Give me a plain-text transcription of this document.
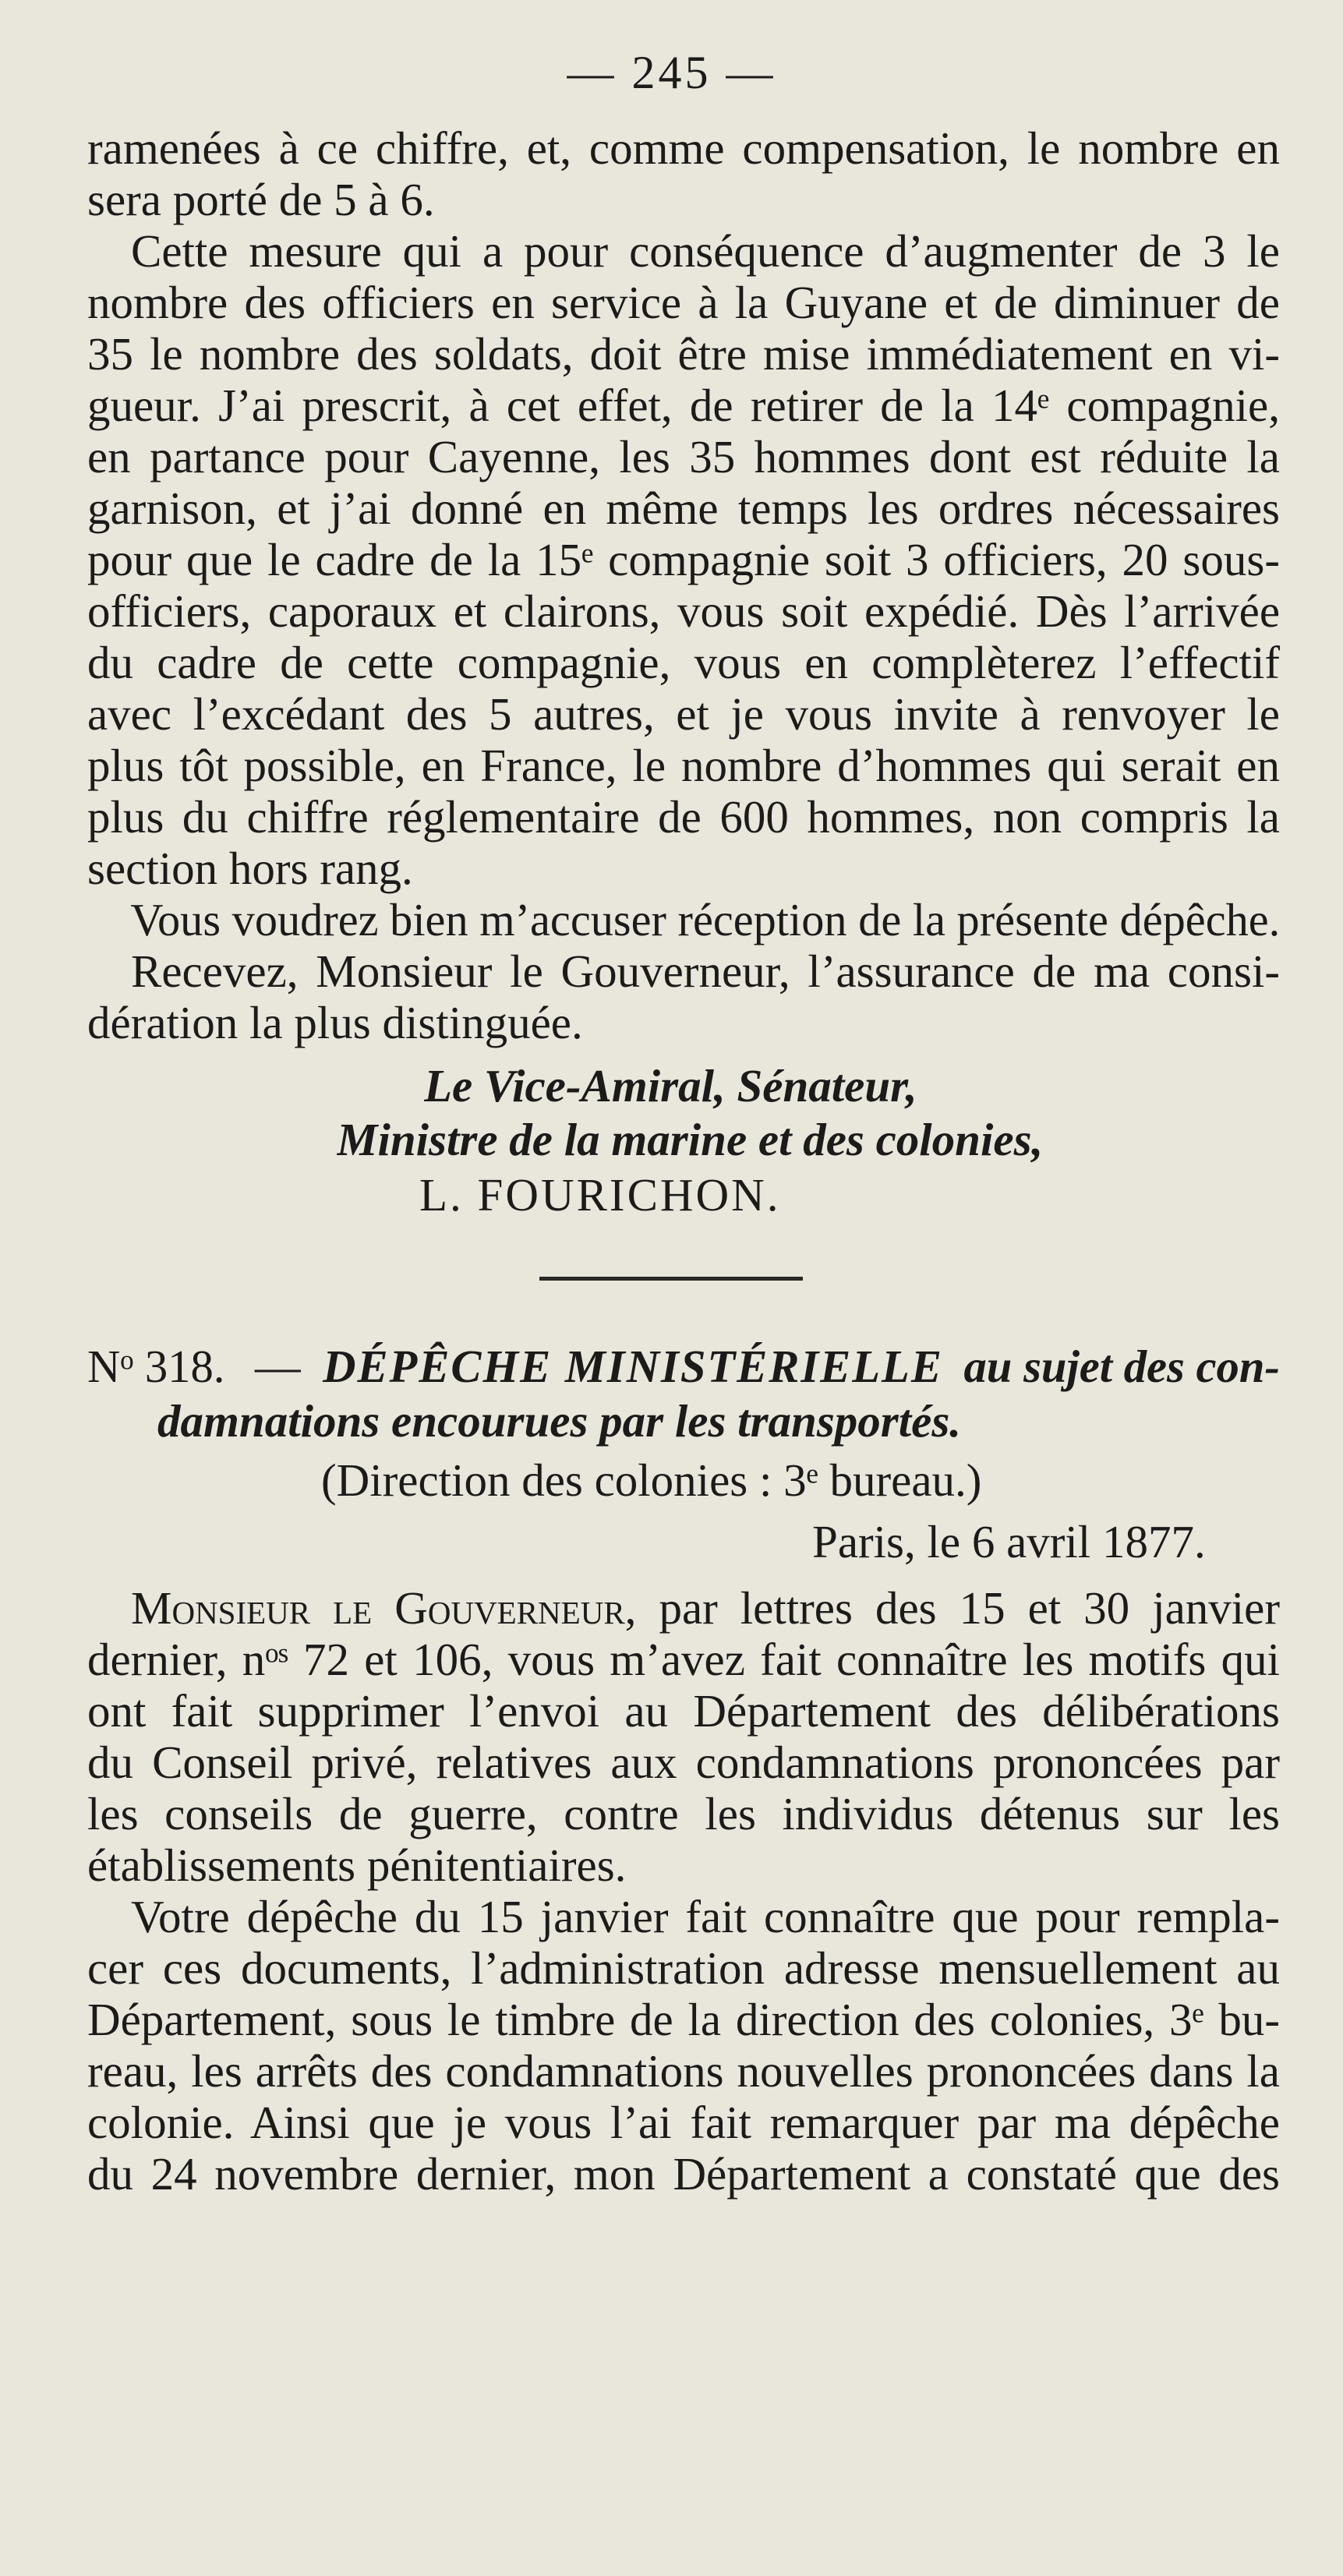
— 245 —
ramenées à ce chiffre, et, comme compensation, le nombre en
sera porté de 5 à 6.
Cette mesure qui a pour conséquence d’augmenter de 3 le
nombre des officiers en service à la Guyane et de diminuer de
35 le nombre des soldats, doit être mise immédiatement en vi-
gueur. J’ai prescrit, à cet effet, de retirer de la 14ᵉ compagnie,
en partance pour Cayenne, les 35 hommes dont est réduite la
garnison, et j’ai donné en même temps les ordres nécessaires
pour que le cadre de la 15ᵉ compagnie soit 3 officiers, 20 sous-
officiers, caporaux et clairons, vous soit expédié. Dès l’arrivée
du cadre de cette compagnie, vous en complèterez l’effectif
avec l’excédant des 5 autres, et je vous invite à renvoyer le
plus tôt possible, en France, le nombre d’hommes qui serait en
plus du chiffre réglementaire de 600 hommes, non compris la
section hors rang.
Vous voudrez bien m’accuser réception de la présente dépêche.
Recevez, Monsieur le Gouverneur, l’assurance de ma consi-
dération la plus distinguée.
Le Vice-Amiral, Sénateur,
Ministre de la marine et des colonies,
L. FOURICHON.
Nᵒ 318. — DÉPÊCHE MINISTÉRIELLE au sujet des con-
damnations encourues par les transportés.
(Direction des colonies : 3ᵉ bureau.)
Paris, le 6 avril 1877.
Monsieur le Gouverneur, par lettres des 15 et 30 janvier
dernier, nᵒˢ 72 et 106, vous m’avez fait connaître les motifs qui
ont fait supprimer l’envoi au Département des délibérations
du Conseil privé, relatives aux condamnations prononcées par
les conseils de guerre, contre les individus détenus sur les
établissements pénitentiaires.
Votre dépêche du 15 janvier fait connaître que pour rempla-
cer ces documents, l’administration adresse mensuellement au
Département, sous le timbre de la direction des colonies, 3ᵉ bu-
reau, les arrêts des condamnations nouvelles prononcées dans la
colonie. Ainsi que je vous l’ai fait remarquer par ma dépêche
du 24 novembre dernier, mon Département a constaté que des
